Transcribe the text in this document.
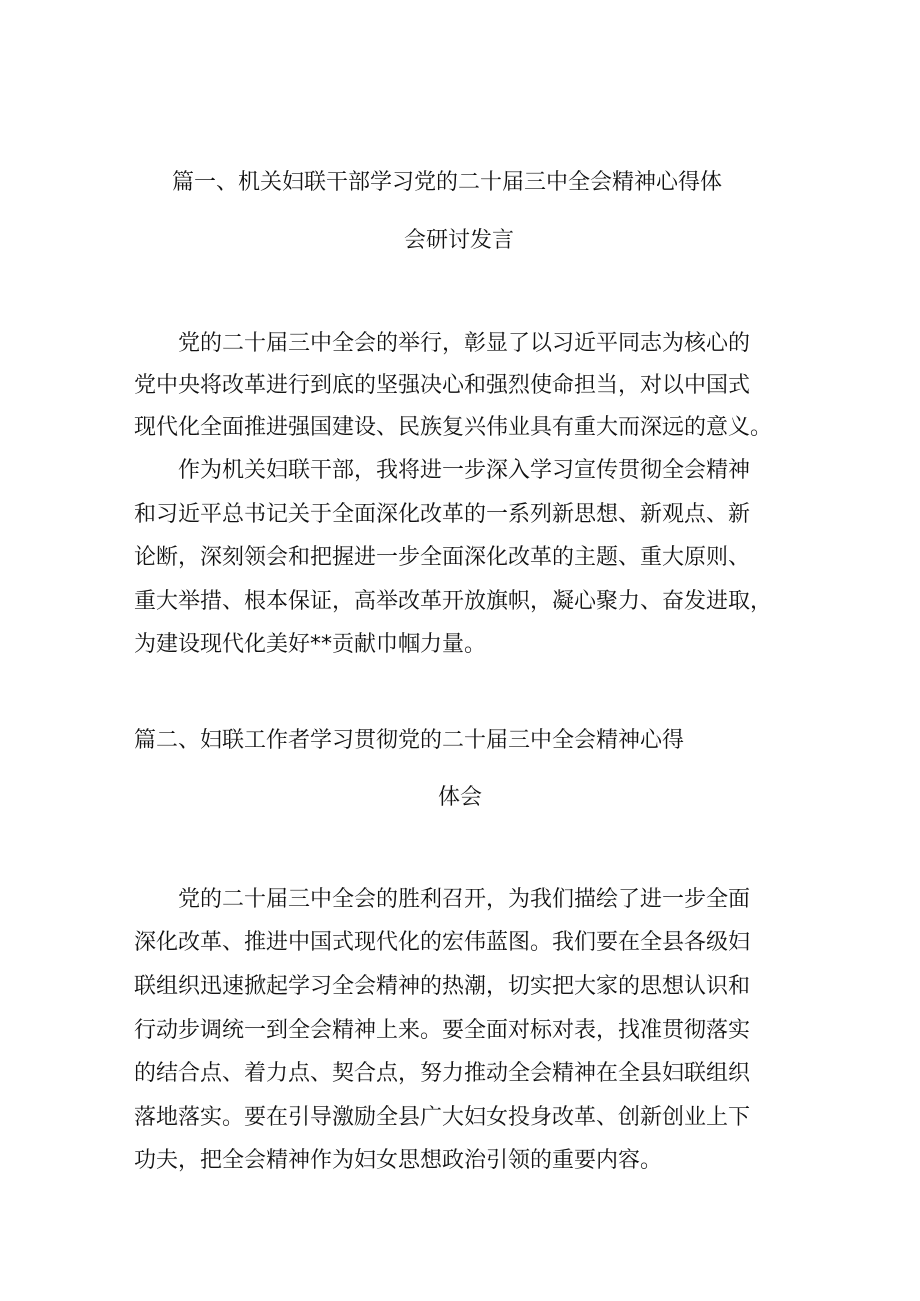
篇一、机关妇联干部学习党的二十届三中全会精神心得体
会研讨发言
党的二十届三中全会的举行，彰显了以习近平同志为核心的
党中央将改革进行到底的坚强决心和强烈使命担当，对以中国式
现代化全面推进强国建设、民族复兴伟业具有重大而深远的意义。
作为机关妇联干部，我将进一步深入学习宣传贯彻全会精神
和习近平总书记关于全面深化改革的一系列新思想、新观点、新
论断，深刻领会和把握进一步全面深化改革的主题、重大原则、
重大举措、根本保证，高举改革开放旗帜，凝心聚力、奋发进取，
为建设现代化美好**贡献巾帼力量。
篇二、妇联工作者学习贯彻党的二十届三中全会精神心得
体会
党的二十届三中全会的胜利召开，为我们描绘了进一步全面
深化改革、推进中国式现代化的宏伟蓝图。我们要在全县各级妇
联组织迅速掀起学习全会精神的热潮，切实把大家的思想认识和
行动步调统一到全会精神上来。要全面对标对表，找准贯彻落实
的结合点、着力点、契合点，努力推动全会精神在全县妇联组织
落地落实。要在引导激励全县广大妇女投身改革、创新创业上下
功夫，把全会精神作为妇女思想政治引领的重要内容。
